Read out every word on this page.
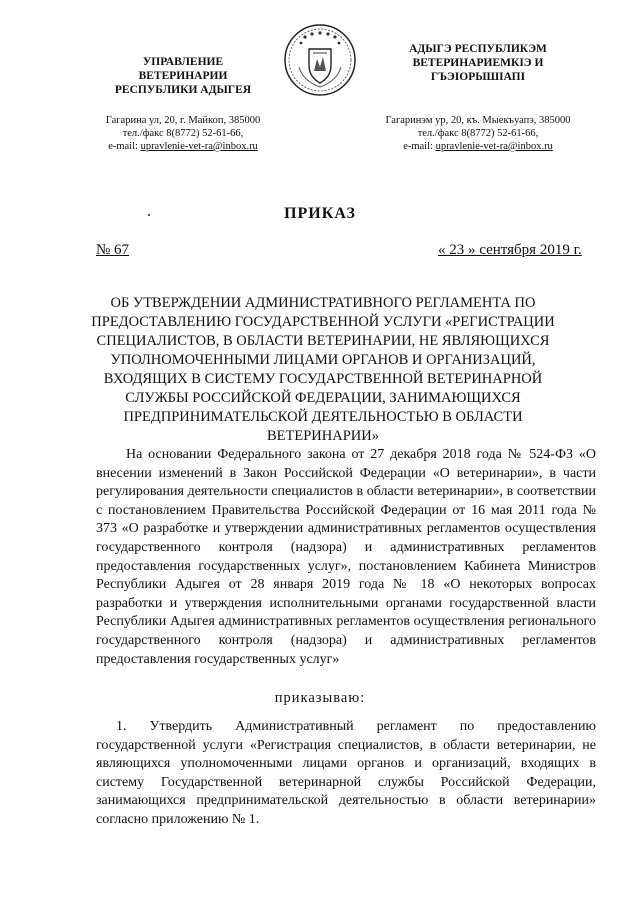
УПРАВЛЕНИЕ
ВЕТЕРИНАРИИ
РЕСПУБЛИКИ АДЫГЕЯ
Гагарина ул, 20, г. Майкоп, 385000
тел./факс 8(8772) 52-61-66,
e-mail: upravlenie-vet-ra@inbox.ru
АДЫГЭ РЕСПУБЛИКЭМ
ВЕТЕРИНАРИЕМКІЭ И
ГЪЭІОРЫШІАПІ
Гагаринэм ур, 20, къ. Мыекъуапэ, 385000
тел./факс 8(8772) 52-61-66,
e-mail: upravlenie-vet-ra@inbox.ru
ПРИКАЗ
№ 67	« 23 » сентября 2019 г.
ОБ УТВЕРЖДЕНИИ АДМИНИСТРАТИВНОГО РЕГЛАМЕНТА ПО ПРЕДОСТАВЛЕНИЮ ГОСУДАРСТВЕННОЙ УСЛУГИ «РЕГИСТРАЦИИ СПЕЦИАЛИСТОВ, В ОБЛАСТИ ВЕТЕРИНАРИИ, НЕ ЯВЛЯЮЩИХСЯ УПОЛНОМОЧЕННЫМИ ЛИЦАМИ ОРГАНОВ И ОРГАНИЗАЦИЙ, ВХОДЯЩИХ В СИСТЕМУ ГОСУДАРСТВЕННОЙ ВЕТЕРИНАРНОЙ СЛУЖБЫ РОССИЙСКОЙ ФЕДЕРАЦИИ, ЗАНИМАЮЩИХСЯ ПРЕДПРИНИМАТЕЛЬСКОЙ ДЕЯТЕЛЬНОСТЬЮ В ОБЛАСТИ ВЕТЕРИНАРИИ»
На основании Федерального закона от 27 декабря 2018 года № 524-ФЗ «О внесении изменений в Закон Российской Федерации «О ветеринарии», в части регулирования деятельности специалистов в области ветеринарии», в соответствии с постановлением Правительства Российской Федерации от 16 мая 2011 года № 373 «О разработке и утверждении административных регламентов осуществления государственного контроля (надзора) и административных регламентов предоставления государственных услуг», постановлением Кабинета Министров Республики Адыгея от 28 января 2019 года № 18 «О некоторых вопросах разработки и утверждения исполнительными органами государственной власти Республики Адыгея административных регламентов осуществления регионального государственного контроля (надзора) и административных регламентов предоставления государственных услуг»
приказываю:
1. Утвердить Административный регламент по предоставлению государственной услуги «Регистрация специалистов, в области ветеринарии, не являющихся уполномоченными лицами органов и организаций, входящих в систему Государственной ветеринарной службы Российской Федерации, занимающихся предпринимательской деятельностью в области ветеринарии» согласно приложению № 1.
